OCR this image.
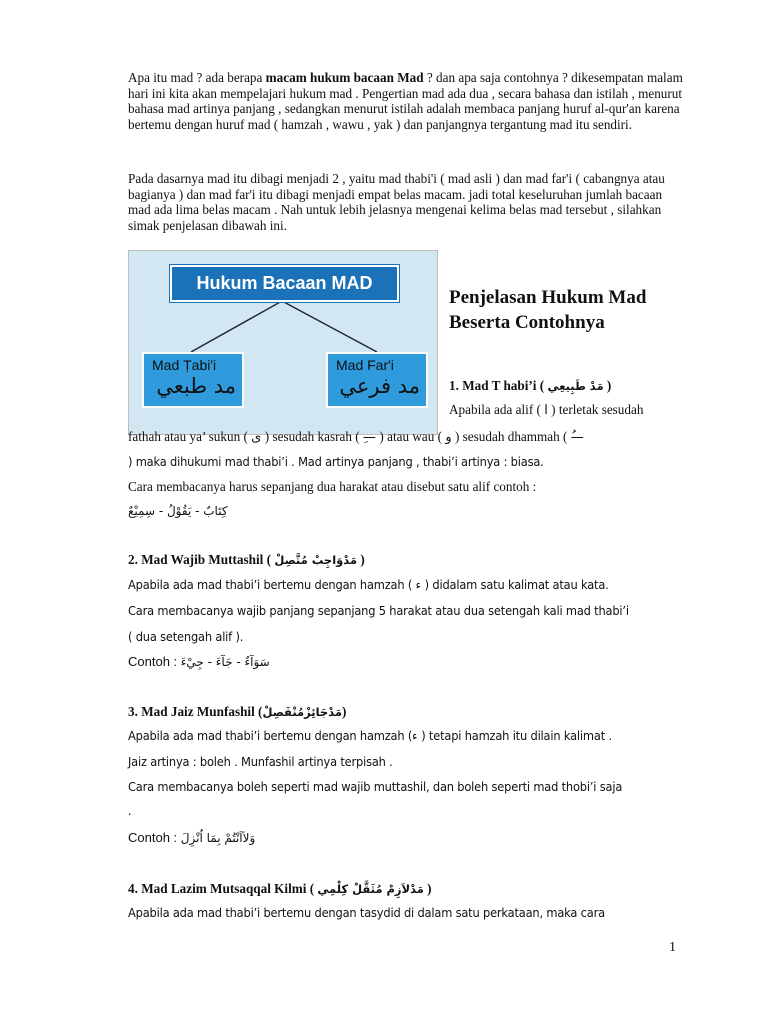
Apa itu mad ? ada berapa macam hukum bacaan Mad ? dan apa saja contohnya ? dikesempatan malam hari ini kita akan mempelajari hukum mad . Pengertian mad ada dua , secara bahasa dan istilah , menurut bahasa mad artinya panjang , sedangkan menurut istilah adalah membaca panjang huruf al-qur'an karena bertemu dengan huruf mad ( hamzah , wawu , yak ) dan panjangnya tergantung mad itu sendiri.

Pada dasarnya mad itu dibagi menjadi 2 , yaitu mad thabi'i ( mad asli ) dan mad far'i ( cabangnya atau bagianya ) dan mad far'i itu dibagi menjadi empat belas macam. jadi total keseluruhan jumlah bacaan mad ada lima belas macam . Nah untuk lebih jelasnya mengenai kelima belas mad tersebut , silahkan simak penjelasan dibawah ini.

Hukum Bacaan MAD
Mad Ṭabi'i
مد طبعي
Mad Far'i
مد فرعي
Penjelasan Hukum Mad Beserta Contohnya
1. Mad T habi’i ( مَدْ طَبِيعِي )
Apabila ada alif ( ا ) terletak sesudah
fathah atau ya’ sukun ( ى ) sesudah kasrah ( —ِ ) atau wau ( و ) sesudah dhammah ( —ُ
) maka dihukumi mad thabi’i . Mad artinya panjang , thabi’i artinya : biasa.
Cara membacanya harus sepanjang dua harakat atau disebut satu alif contoh :
كِتَابٌ - يَقُوْلُ - سِمِيْعٌ
2. Mad Wajib Muttashil ( مَدْوَاجِبْ مُتَّصِلْ )
Apabila ada mad thabi’i bertemu dengan hamzah ( ء ) didalam satu kalimat atau kata.
Cara membacanya wajib panjang sepanjang 5 harakat atau dua setengah kali mad thabi’i
( dua setengah alif ).
Contoh : سَوَآءٌ - جَآءَ - جِيْءَ
3. Mad Jaiz Munfashil (مَدْجَائِزْمُنْفَصِلْ)
Apabila ada mad thabi’i bertemu dengan hamzah (ء ) tetapi hamzah itu dilain kalimat .
Jaiz artinya : boleh . Munfashil artinya terpisah .
Cara membacanya boleh seperti mad wajib muttashil, dan boleh seperti mad thobi’i saja
.
Contoh : وَلاَاَنْتُمْ بِمَا اُنْزِلَ
4. Mad Lazim Mutsaqqal Kilmi ( مَدْلاَزِمْ مُثَقَّلْ كِلْمِي )
Apabila ada mad thabi’i bertemu dengan tasydid di dalam satu perkataan, maka cara
1
